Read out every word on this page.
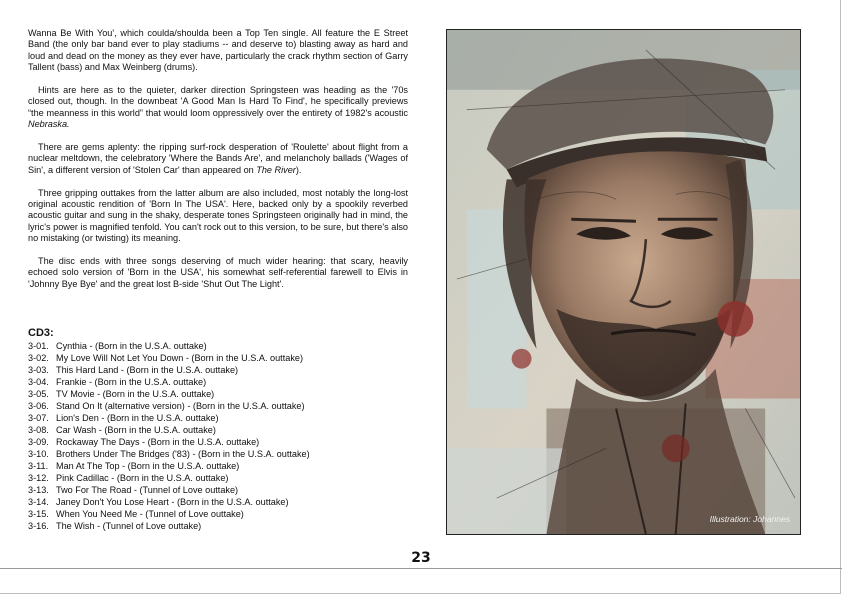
Wanna Be With You', which coulda/shoulda been a Top Ten single. All feature the E Street Band (the only bar band ever to play stadiums -- and deserve to) blasting away as hard and loud and dead on the money as they ever have, particularly the crack rhythm section of Garry Tallent (bass) and Max Weinberg (drums).

Hints are here as to the quieter, darker direction Springsteen was heading as the '70s closed out, though. In the downbeat 'A Good Man Is Hard To Find', he specifically previews “the meanness in this world” that would loom oppressively over the entirety of 1982's acoustic Nebraska.

There are gems aplenty: the ripping surf-rock desperation of 'Roulette' about flight from a nuclear meltdown, the celebratory 'Where the Bands Are', and melancholy ballads ('Wages of Sin', a different version of 'Stolen Car' than appeared on The River).

Three gripping outtakes from the latter album are also included, most notably the long-lost original acoustic rendition of 'Born In The USA'. Here, backed only by a spookily reverbed acoustic guitar and sung in the shaky, desperate tones Springsteen originally had in mind, the lyric's power is magnified tenfold. You can't rock out to this version, to be sure, but there's also no mistaking (or twisting) its meaning.

The disc ends with three songs deserving of much wider hearing: that scary, heavily echoed solo version of 'Born in the USA', his somewhat self-referential farewell to Elvis in 'Johnny Bye Bye' and the great lost B-side 'Shut Out The Light'.

CD3:
3-01. Cynthia - (Born in the U.S.A. outtake)
3-02. My Love Will Not Let You Down - (Born in the U.S.A. outtake)
3-03. This Hard Land - (Born in the U.S.A. outtake)
3-04. Frankie - (Born in the U.S.A. outtake)
3-05. TV Movie - (Born in the U.S.A. outtake)
3-06. Stand On It (alternative version) - (Born in the U.S.A. outtake)
3-07. Lion's Den - (Born in the U.S.A. outtake)
3-08. Car Wash - (Born in the U.S.A. outtake)
3-09. Rockaway The Days - (Born in the U.S.A. outtake)
3-10. Brothers Under The Bridges ('83) - (Born in the U.S.A. outtake)
3-11. Man At The Top - (Born in the U.S.A. outtake)
3-12. Pink Cadillac - (Born in the U.S.A. outtake)
3-13. Two For The Road - (Tunnel of Love outtake)
3-14. Janey Don't You Lose Heart - (Born in the U.S.A. outtake)
3-15. When You Need Me - (Tunnel of Love outtake)
3-16. The Wish - (Tunnel of Love outtake)
Illustration: Johannes
23
